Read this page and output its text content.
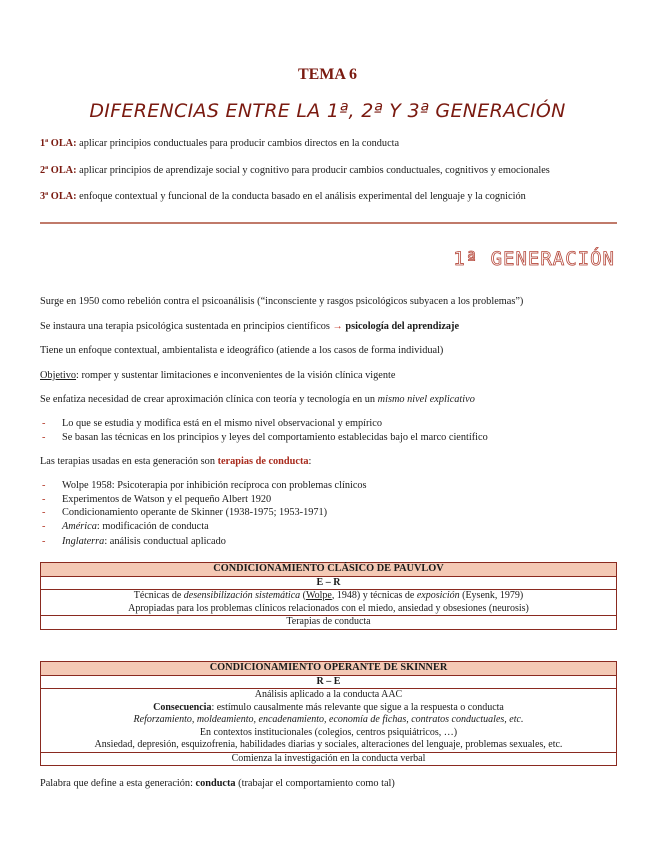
TEMA 6
DIFERENCIAS ENTRE LA 1ª, 2ª Y 3ª GENERACIÓN
1ª OLA: aplicar principios conductuales para producir cambios directos en la conducta
2ª OLA: aplicar principios de aprendizaje social y cognitivo para producir cambios conductuales, cognitivos y emocionales
3ª OLA: enfoque contextual y funcional de la conducta basado en el análisis experimental del lenguaje y la cognición
1ª GENERACIÓN
Surge en 1950 como rebelión contra el psicoanálisis (“inconsciente y rasgos psicológicos subyacen a los problemas”)
Se instaura una terapia psicológica sustentada en principios científicos → psicología del aprendizaje
Tiene un enfoque contextual, ambientalista e ideográfico (atiende a los casos de forma individual)
Objetivo: romper y sustentar limitaciones e inconvenientes de la visión clínica vigente
Se enfatiza necesidad de crear aproximación clínica con teoría y tecnología en un mismo nivel explicativo
- Lo que se estudia y modifica está en el mismo nivel observacional y empírico
- Se basan las técnicas en los principios y leyes del comportamiento establecidas bajo el marco científico
Las terapias usadas en esta generación son terapias de conducta:
- Wolpe 1958: Psicoterapia por inhibición recíproca con problemas clínicos
- Experimentos de Watson y el pequeño Albert 1920
- Condicionamiento operante de Skinner (1938-1975; 1953-1971)
- América: modificación de conducta
- Inglaterra: análisis conductual aplicado
CONDICIONAMIENTO CLÁSICO DE PAUVLOV
E – R
Técnicas de desensibilización sistemática (Wolpe, 1948) y técnicas de exposición (Eysenk, 1979)
Apropiadas para los problemas clínicos relacionados con el miedo, ansiedad y obsesiones (neurosis)
Terapias de conducta
CONDICIONAMIENTO OPERANTE DE SKINNER
R – E
Análisis aplicado a la conducta AAC
Consecuencia: estímulo causalmente más relevante que sigue a la respuesta o conducta
Reforzamiento, moldeamiento, encadenamiento, economía de fichas, contratos conductuales, etc.
En contextos institucionales (colegios, centros psiquiátricos, …)
Ansiedad, depresión, esquizofrenia, habilidades diarias y sociales, alteraciones del lenguaje, problemas sexuales, etc.
Comienza la investigación en la conducta verbal
Palabra que define a esta generación: conducta (trabajar el comportamiento como tal)
